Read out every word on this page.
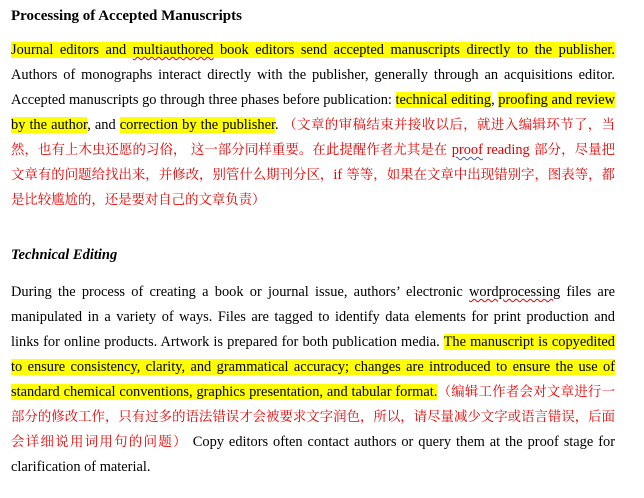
Processing of Accepted Manuscripts

Journal editors and multiauthored book editors send accepted manuscripts directly to the publisher. Authors of monographs interact directly with the publisher, generally through an acquisitions editor. Accepted manuscripts go through three phases before publication: technical editing, proofing and review by the author, and correction by the publisher. （文章的审稿结束并接收以后，就进入编辑环节了，当然，也有上木虫还愿的习俗， 这一部分同样重要。在此提醒作者尤其是在 proof reading 部分，尽量把文章有的问题给找出来，并修改，别管什么期刊分区，if 等等，如果在文章中出现错别字，图表等，都是比较尴尬的，还是要对自己的文章负责）

Technical Editing

During the process of creating a book or journal issue, authors’ electronic wordprocessing files are manipulated in a variety of ways. Files are tagged to identify data elements for print production and links for online products. Artwork is prepared for both publication media. The manuscript is copyedited to ensure consistency, clarity, and grammatical accuracy; changes are introduced to ensure the use of standard chemical conventions, graphics presentation, and tabular format.（编辑工作者会对文章进行一部分的修改工作，只有过多的语法错误才会被要求文字润色，所以，请尽量减少文字或语言错误，后面会详细说用词用句的问题） Copy editors often contact authors or query them at the proof stage for clarification of material.
